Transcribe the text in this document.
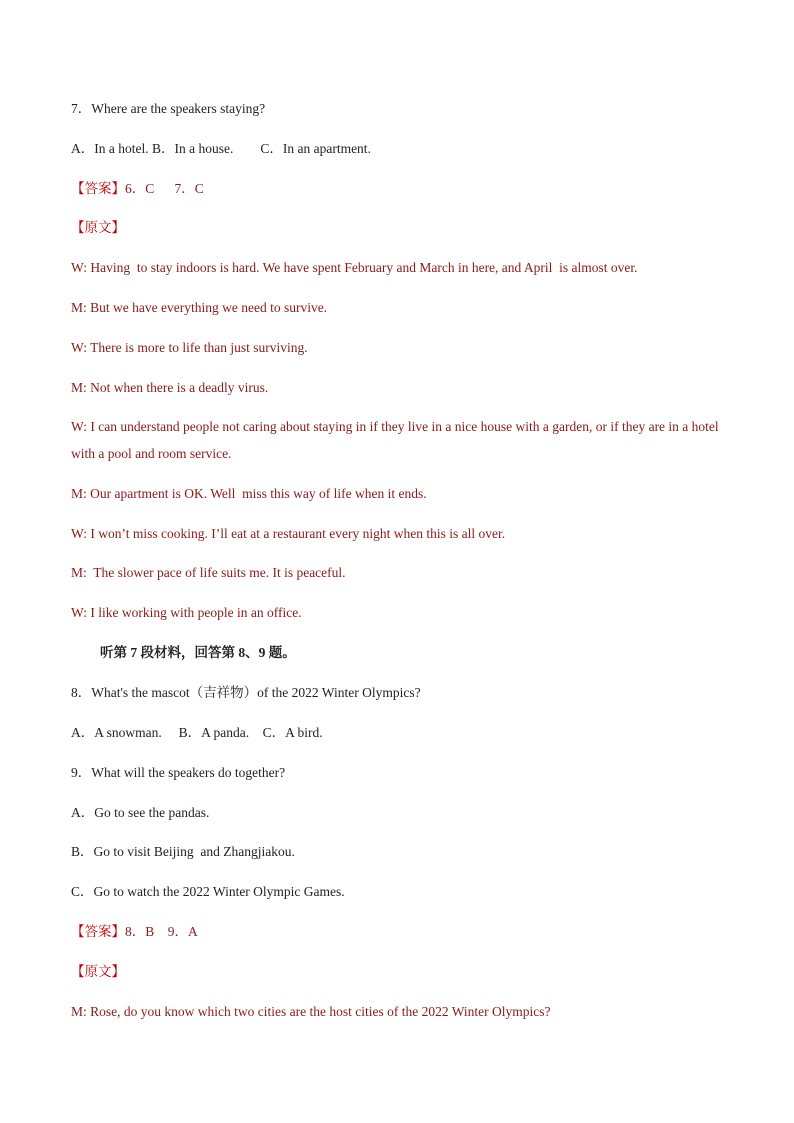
7．Where are the speakers staying?
A．In a hotel. B．In a house.        C．In an apartment.
【答案】6．C      7．C
【原文】
W: Having  to stay indoors is hard. We have spent February and March in here, and April  is almost over.
M: But we have everything we need to survive.
W: There is more to life than just surviving.
M: Not when there is a deadly virus.
W: I can understand people not caring about staying in if they live in a nice house with a garden, or if they are in a hotel with a pool and room service.
M: Our apartment is OK. Well  miss this way of life when it ends.
W: I won’t miss cooking. I’ll eat at a restaurant every night when this is all over.
M:  The slower pace of life suits me. It is peaceful.
W: I like working with people in an office.
听第 7 段材料，回答第 8、9 题。
8．What's the mascot（吉祥物）of the 2022 Winter Olympics?
A．A snowman.     B．A panda.    C．A bird.
9．What will the speakers do together?
A．Go to see the pandas.
B．Go to visit Beijing  and Zhangjiakou.
C．Go to watch the 2022 Winter Olympic Games.
【答案】8．B    9．A
【原文】
M: Rose, do you know which two cities are the host cities of the 2022 Winter Olympics?
